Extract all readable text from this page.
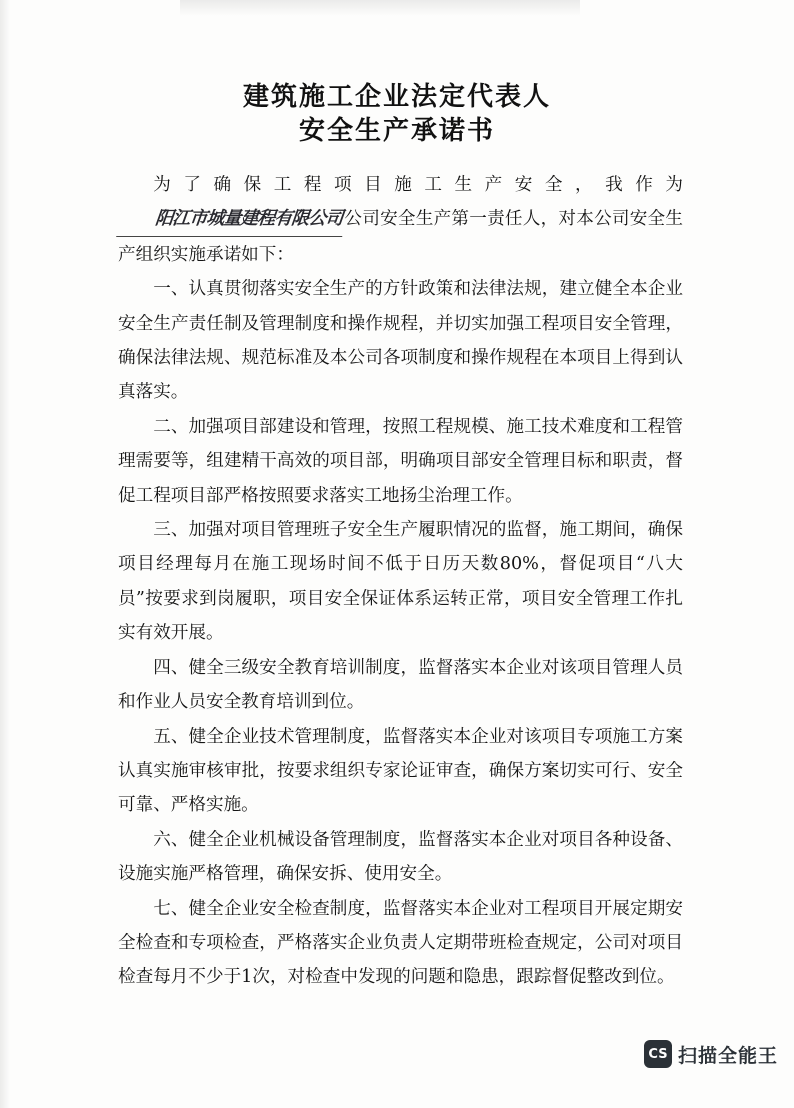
建筑施工企业法定代表人
安全生产承诺书

为了确保工程项目施工生产安全，我作为阳江市城量建程有限公司公司安全生产第一责任人，对本公司安全生产组织实施承诺如下：

一、认真贯彻落实安全生产的方针政策和法律法规，建立健全本企业安全生产责任制及管理制度和操作规程，并切实加强工程项目安全管理，确保法律法规、规范标准及本公司各项制度和操作规程在本项目上得到认真落实。

二、加强项目部建设和管理，按照工程规模、施工技术难度和工程管理需要等，组建精干高效的项目部，明确项目部安全管理目标和职责，督促工程项目部严格按照要求落实工地扬尘治理工作。

三、加强对项目管理班子安全生产履职情况的监督，施工期间，确保项目经理每月在施工现场时间不低于日历天数80%，督促项目“八大员”按要求到岗履职，项目安全保证体系运转正常，项目安全管理工作扎实有效开展。

四、健全三级安全教育培训制度，监督落实本企业对该项目管理人员和作业人员安全教育培训到位。

五、健全企业技术管理制度，监督落实本企业对该项目专项施工方案认真实施审核审批，按要求组织专家论证审查，确保方案切实可行、安全可靠、严格实施。

六、健全企业机械设备管理制度，监督落实本企业对项目各种设备、设施实施严格管理，确保安拆、使用安全。

七、健全企业安全检查制度，监督落实本企业对工程项目开展定期安全检查和专项检查，严格落实企业负责人定期带班检查规定，公司对项目检查每月不少于1次，对检查中发现的问题和隐患，跟踪督促整改到位。

CS 扫描全能王
